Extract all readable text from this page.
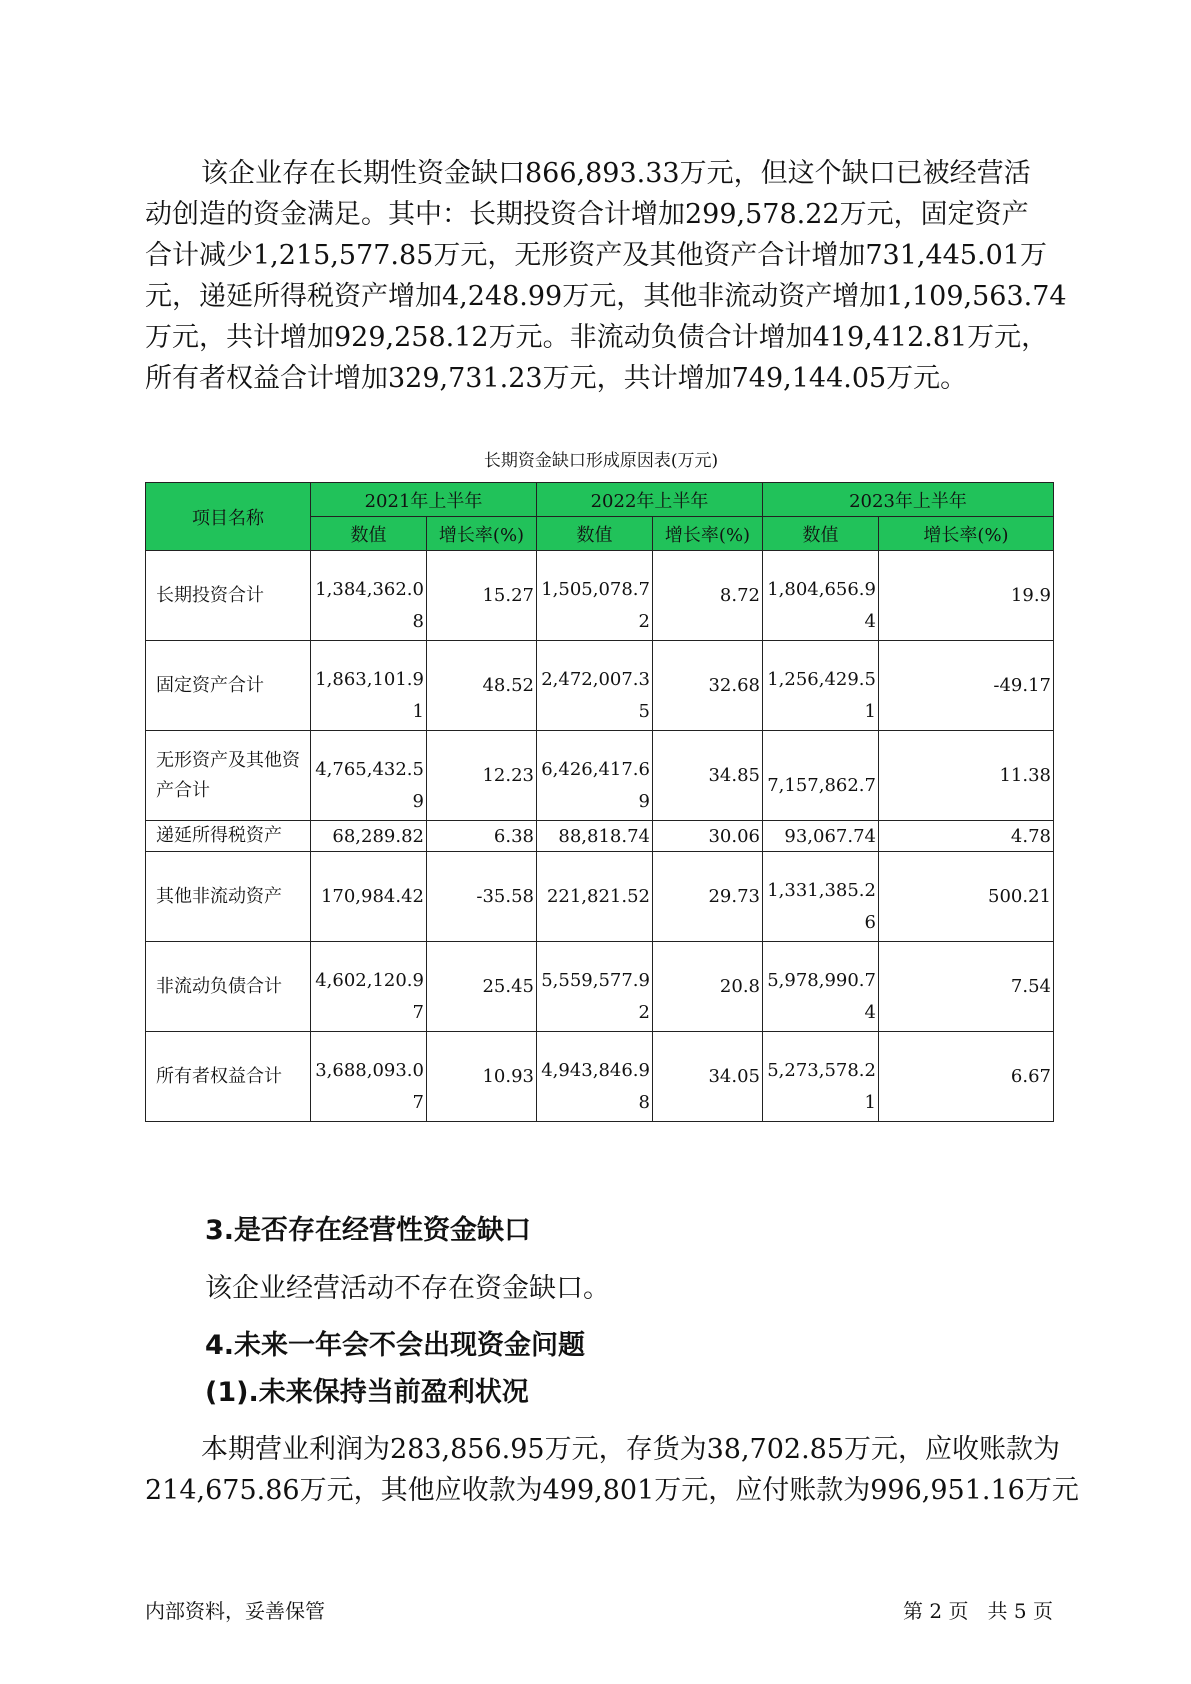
该企业存在长期性资金缺口866,893.33万元，但这个缺口已被经营活
动创造的资金满足。其中：长期投资合计增加299,578.22万元，固定资产
合计减少1,215,577.85万元，无形资产及其他资产合计增加731,445.01万
元，递延所得税资产增加4,248.99万元，其他非流动资产增加1,109,563.74
万元，共计增加929,258.12万元。非流动负债合计增加419,412.81万元，
所有者权益合计增加329,731.23万元，共计增加749,144.05万元。

长期资金缺口形成原因表(万元)
项目名称	2021年上半年		2022年上半年		2023年上半年	
	数值	增长率(%)	数值	增长率(%)	数值	增长率(%)
长期投资合计	1,384,362.08	15.27	1,505,078.72	8.72	1,804,656.94	19.9

固定资产合计	1,863,101.91	48.52	2,472,007.35	32.68	1,256,429.51	-49.17

无形资产及其他资产合计	4,765,432.59	12.23	6,426,417.69	34.85	7,157,862.7	11.38

递延所得税资产	68,289.82	6.38	88,818.74	30.06	93,067.74	4.78

其他非流动资产	170,984.42	-35.58	221,821.52	29.73	1,331,385.26	500.21

非流动负债合计	4,602,120.97	25.45	5,559,577.92	20.8	5,978,990.74	7.54

所有者权益合计	3,688,093.07	10.93	4,943,846.98	34.05	5,273,578.21	6.67
3.是否存在经营性资金缺口

该企业经营活动不存在资金缺口。

4.未来一年会不会出现资金问题
(1).未来保持当前盈利状况

本期营业利润为283,856.95万元，存货为38,702.85万元，应收账款为
214,675.86万元，其他应收款为499,801万元，应付账款为996,951.16万元

内部资料，妥善保管	第 2 页   共 5 页
